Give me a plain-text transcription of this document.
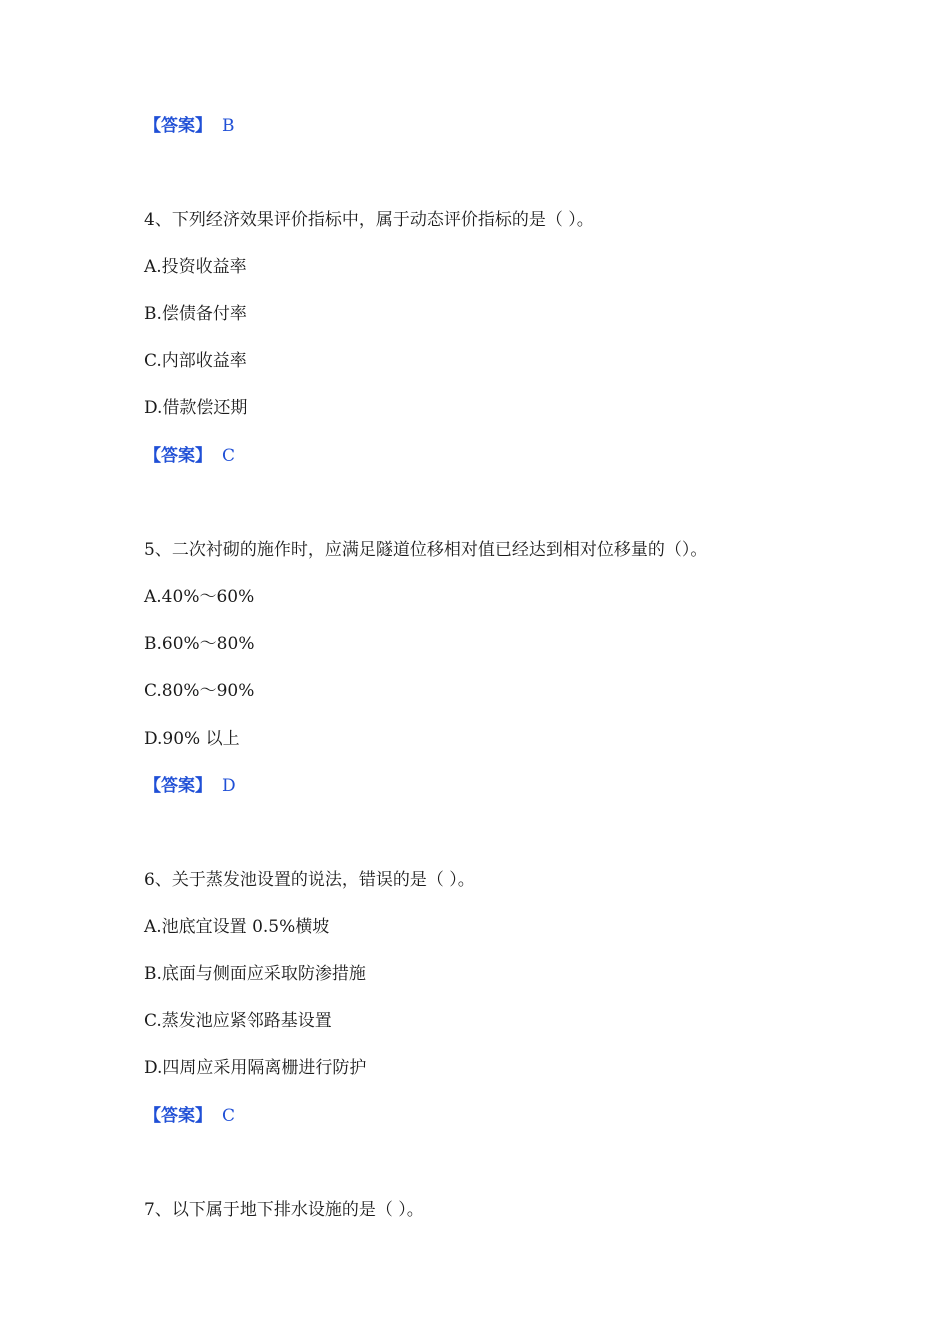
【答案】 B
4、下列经济效果评价指标中，属于动态评价指标的是（ ）。
A.投资收益率
B.偿债备付率
C.内部收益率
D.借款偿还期
【答案】 C
5、二次衬砌的施作时，应满足隧道位移相对值已经达到相对位移量的（）。
A.40%～60%
B.60%～80%
C.80%～90%
D.90% 以上
【答案】 D
6、关于蒸发池设置的说法，错误的是（ ）。
A.池底宜设置 0.5%横坡
B.底面与侧面应采取防渗措施
C.蒸发池应紧邻路基设置
D.四周应采用隔离栅进行防护
【答案】 C
7、以下属于地下排水设施的是（ ）。
